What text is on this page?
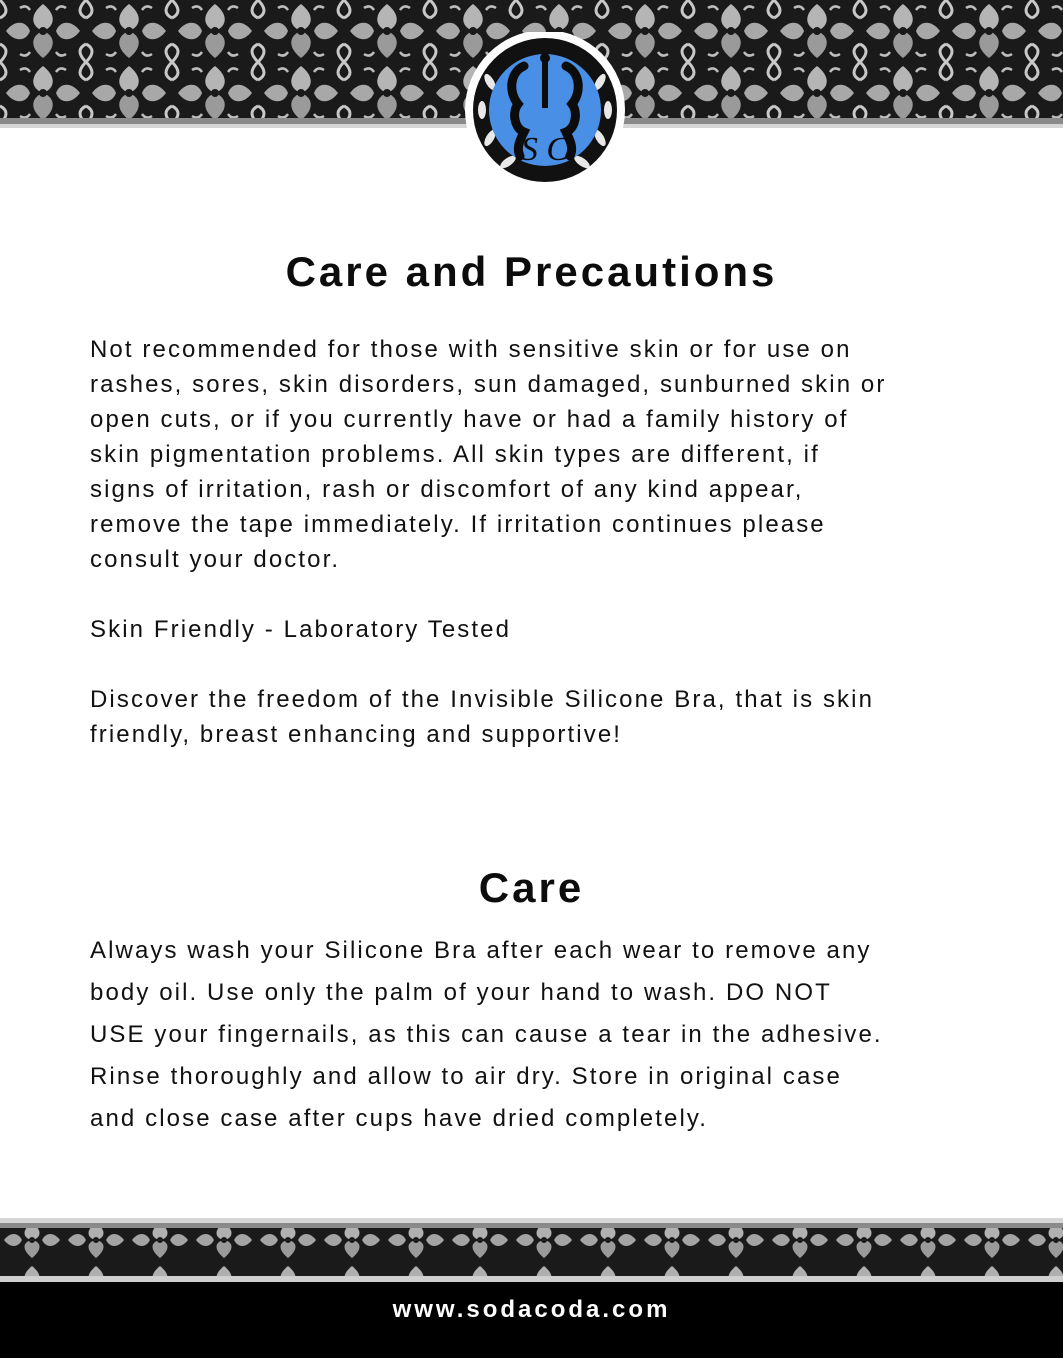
S C
Care and Precautions

Not recommended for those with sensitive skin or for use on
rashes, sores, skin disorders, sun damaged, sunburned skin or
open cuts, or if you currently have or had a family history of
skin pigmentation problems. All skin types are different, if
signs of irritation, rash or discomfort of any kind appear,
remove the tape immediately. If irritation continues please
consult your doctor.

Skin Friendly - Laboratory Tested

Discover the freedom of the Invisible Silicone Bra, that is skin
friendly, breast enhancing and supportive!

Care

Always wash your Silicone Bra after each wear to remove any
body oil. Use only the palm of your hand to wash. DO NOT
USE your fingernails, as this can cause a tear in the adhesive.
Rinse thoroughly and allow to air dry. Store in original case
and close case after cups have dried completely.

www.sodacoda.com
